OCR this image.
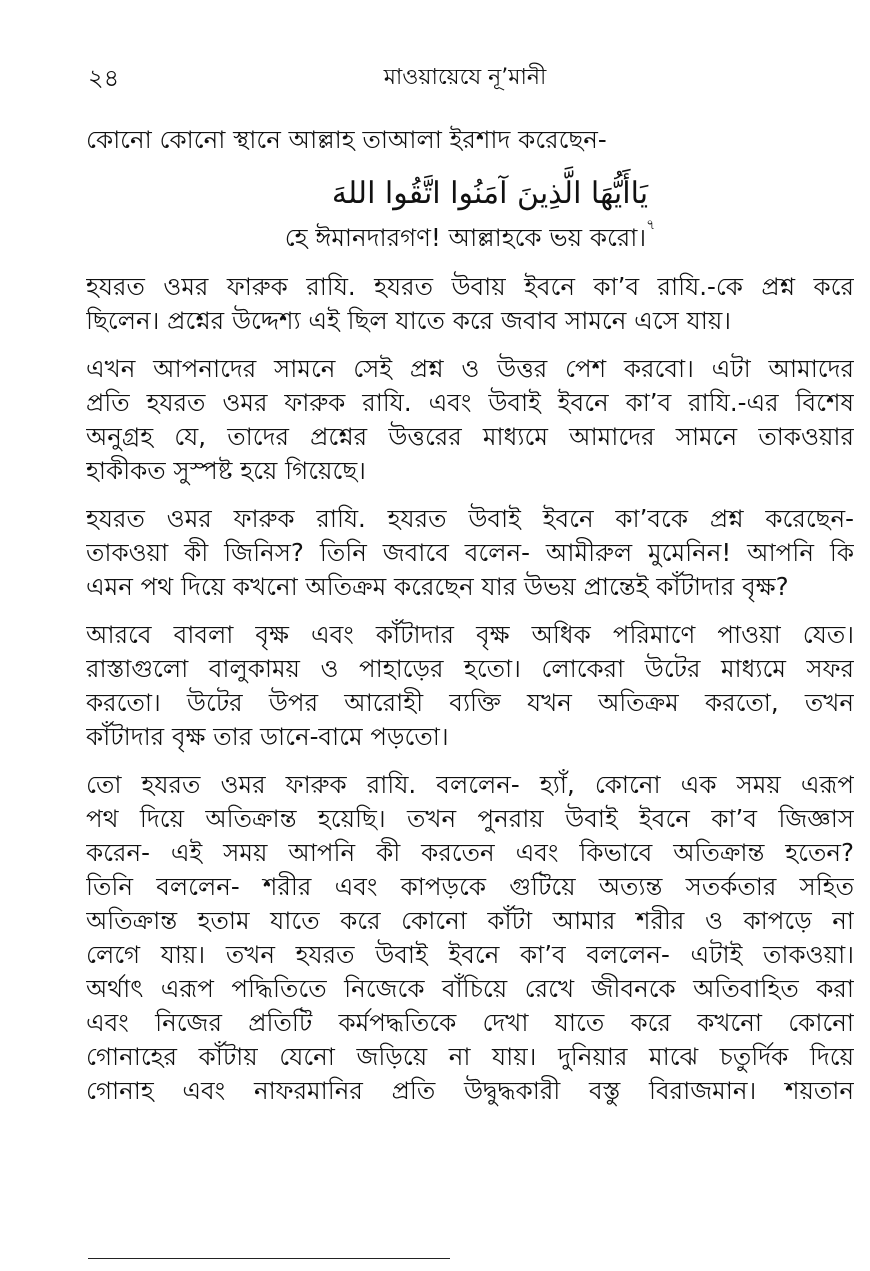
২৪	মাওয়ায়েযে নূ’মানী

কোনো কোনো স্থানে আল্লাহ তাআলা ইরশাদ করেছেন-

يَاأَيُّهَا الَّذِينَ آمَنُوا اتَّقُوا اللهَ
হে ঈমানদারগণ! আল্লাহকে ভয় করো।$^৭$
হযরত ওমর ফারুক রাযি. হযরত উবায় ইবনে কা’ব রাযি.-কে প্রশ্ন করে
ছিলেন। প্রশ্নের উদ্দেশ্য এই ছিল যাতে করে জবাব সামনে এসে যায়।
এখন আপনাদের সামনে সেই প্রশ্ন ও উত্তর পেশ করবো। এটা আমাদের
প্রতি হযরত ওমর ফারুক রাযি. এবং উবাই ইবনে কা’ব রাযি.-এর বিশেষ
অনুগ্রহ যে, তাদের প্রশ্নের উত্তরের মাধ্যমে আমাদের সামনে তাকওয়ার
হাকীকত সুস্পষ্ট হয়ে গিয়েছে।
হযরত ওমর ফারুক রাযি. হযরত উবাই ইবনে কা’বকে প্রশ্ন করেছেন-
তাকওয়া কী জিনিস? তিনি জবাবে বলেন- আমীরুল মুমেনিন! আপনি কি
এমন পথ দিয়ে কখনো অতিক্রম করেছেন যার উভয় প্রান্তেই কাঁটাদার বৃক্ষ?
আরবে বাবলা বৃক্ষ এবং কাঁটাদার বৃক্ষ অধিক পরিমাণে পাওয়া যেত।
রাস্তাগুলো বালুকাময় ও পাহাড়ের হতো। লোকেরা উটের মাধ্যমে সফর
করতো। উটের উপর আরোহী ব্যক্তি যখন অতিক্রম করতো, তখন
কাঁটাদার বৃক্ষ তার ডানে-বামে পড়তো।
তো হযরত ওমর ফারুক রাযি. বললেন- হ্যাঁ, কোনো এক সময় এরূপ
পথ দিয়ে অতিক্রান্ত হয়েছি। তখন পুনরায় উবাই ইবনে কা’ব জিজ্ঞাস
করেন- এই সময় আপনি কী করতেন এবং কিভাবে অতিক্রান্ত হতেন?
তিনি বললেন- শরীর এবং কাপড়কে গুটিয়ে অত্যন্ত সতর্কতার সহিত
অতিক্রান্ত হতাম যাতে করে কোনো কাঁটা আমার শরীর ও কাপড়ে না
লেগে যায়। তখন হযরত উবাই ইবনে কা’ব বললেন- এটাই তাকওয়া।
অর্থাৎ এরূপ পদ্ধিতিতে নিজেকে বাঁচিয়ে রেখে জীবনকে অতিবাহিত করা
এবং নিজের প্রতিটি কর্মপদ্ধতিকে দেখা যাতে করে কখনো কোনো
গোনাহের কাঁটায় যেনো জড়িয়ে না যায়। দুনিয়ার মাঝে চতুর্দিক দিয়ে
গোনাহ এবং নাফরমানির প্রতি উদ্বুদ্ধকারী বস্তু বিরাজমান। শয়তান
